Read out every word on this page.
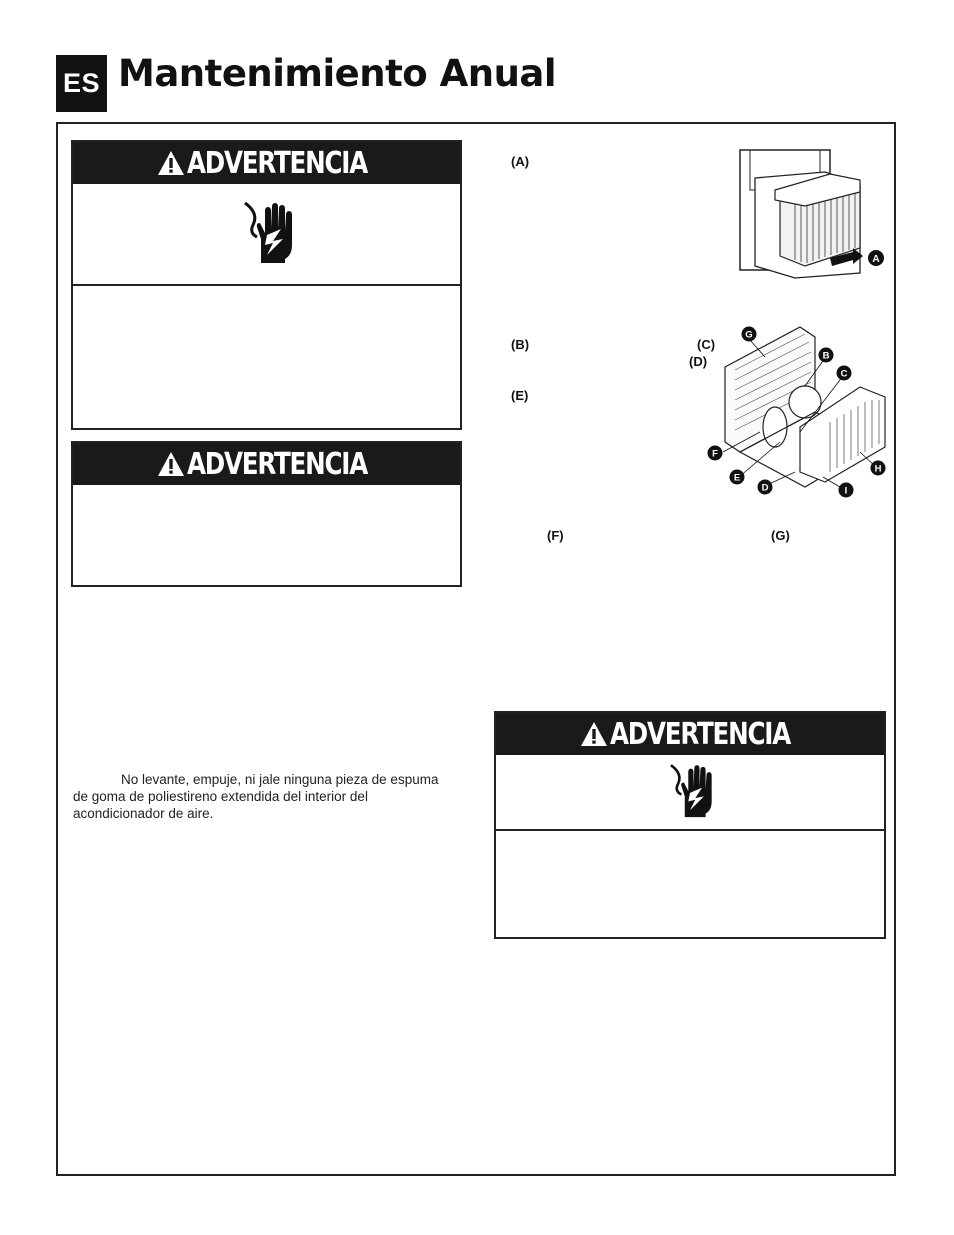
ES Mantenimiento Anual
ADVERTENCIA
ADVERTENCIA

No levante, empuje, ni jale ninguna pieza de espuma de goma de poliestireno extendida del interior del acondicionador de aire.

(A)
(B)	(C)
(D)
(E)
(F)	(G)
A
G
B
C
F
E
D
H
I
ADVERTENCIA
